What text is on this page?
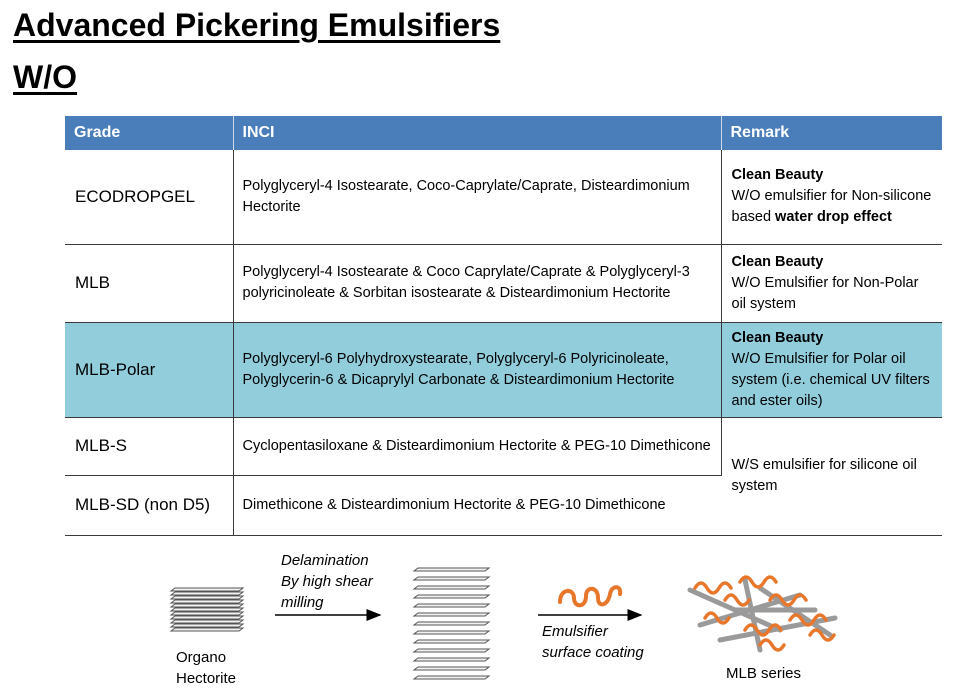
Advanced Pickering Emulsifiers
W/O
Grade	INCI	Remark
ECODROPGEL	Polyglyceryl-4 Isostearate, Coco-Caprylate/Caprate, Disteardimonium Hectorite	Clean Beauty
W/O emulsifier for Non-silicone based water drop effect
MLB	Polyglyceryl-4 Isostearate & Coco Caprylate/Caprate & Polyglyceryl-3 polyricinoleate & Sorbitan isostearate & Disteardimonium Hectorite	Clean Beauty
W/O Emulsifier for Non-Polar oil system
MLB-Polar	Polyglyceryl-6 Polyhydroxystearate, Polyglyceryl-6 Polyricinoleate, Polyglycerin-6 & Dicaprylyl Carbonate & Disteardimonium Hectorite	Clean Beauty
W/O Emulsifier for Polar oil system (i.e. chemical UV filters and ester oils)
MLB-S	Cyclopentasiloxane & Disteardimonium Hectorite & PEG-10 Dimethicone	W/S emulsifier for silicone oil system
MLB-SD (non D5)	Dimethicone & Disteardimonium Hectorite & PEG-10 Dimethicone	
Organo
Hectorite
Delamination
By high shear
milling
Emulsifier
surface coating
MLB series
